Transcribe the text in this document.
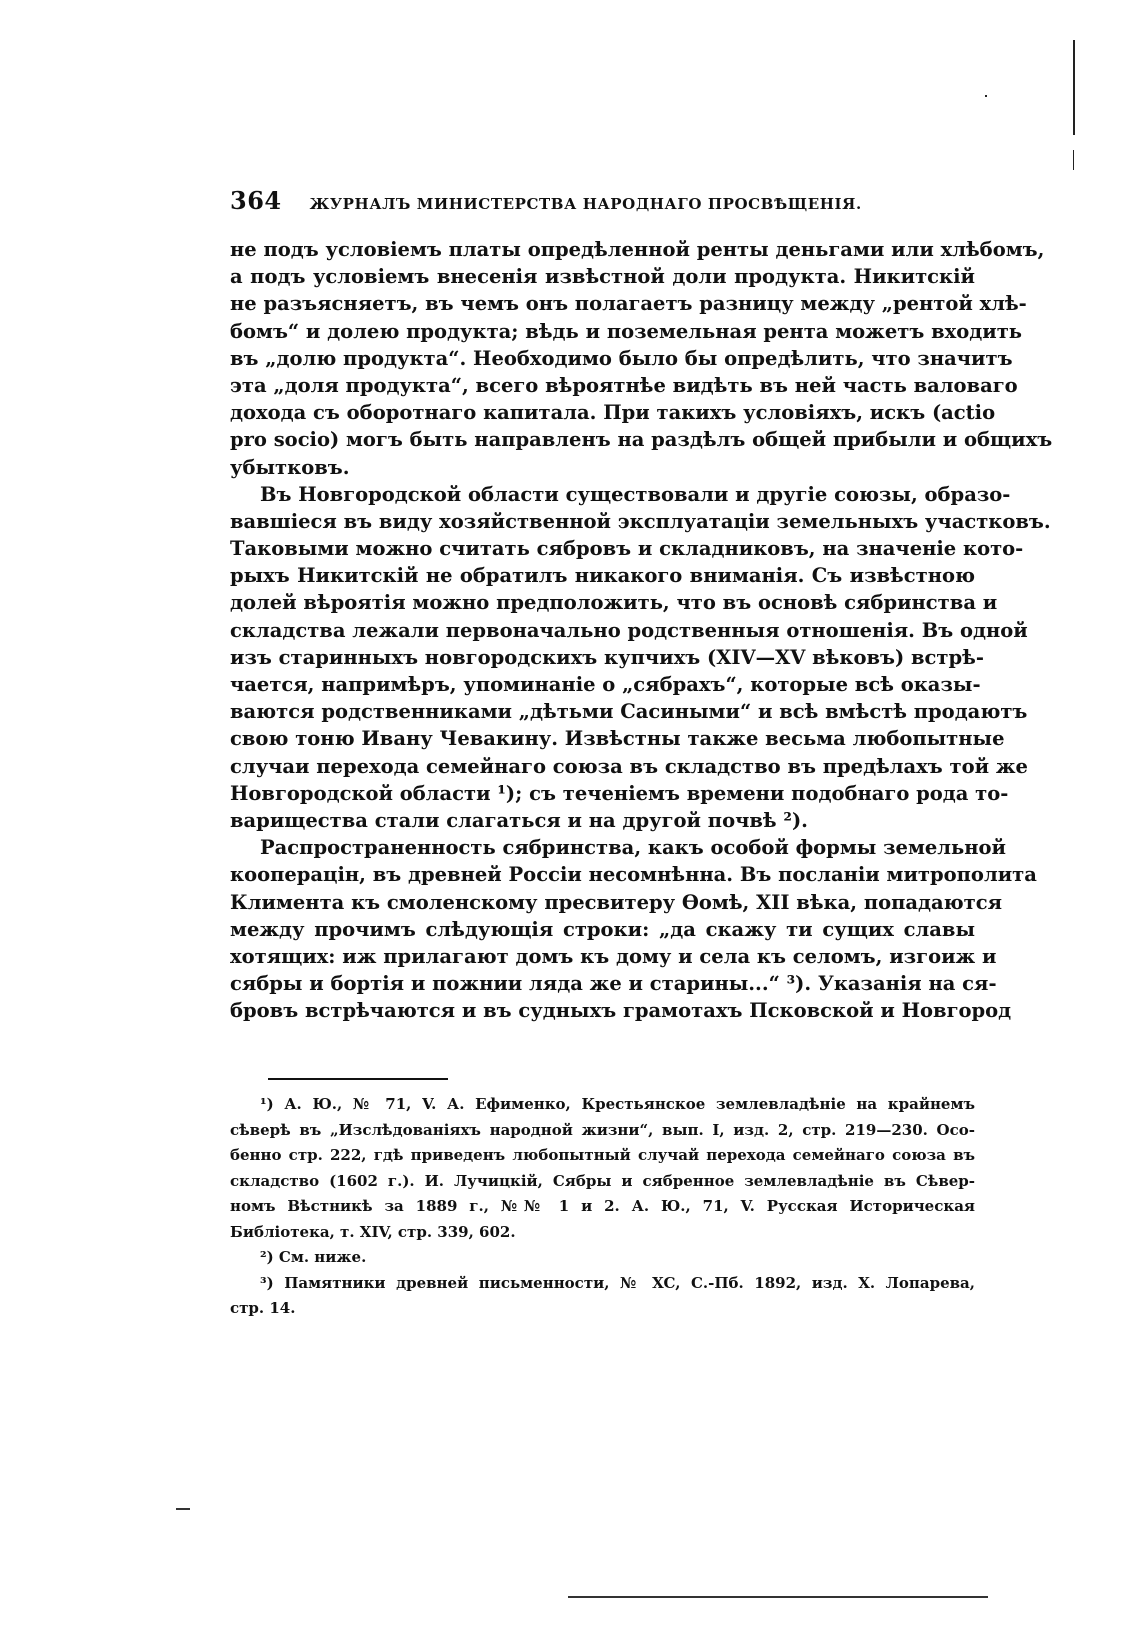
364 ЖУРНАЛЪ МИНИСТЕРСТВА НАРОДНАГО ПРОСВѢЩЕНІЯ.
не подъ условіемъ платы опредѣленной ренты деньгами или хлѣбомъ,
а подъ условіемъ внесенія извѣстной доли продукта. Никитскій
не разъясняетъ, въ чемъ онъ полагаетъ разницу между „рентой хлѣ-
бомъ“ и долею продукта; вѣдь и поземельная рента можетъ входить
въ „долю продукта“. Необходимо было бы опредѣлить, что значитъ
эта „доля продукта“, всего вѣроятнѣе видѣть въ ней часть валоваго
дохода съ оборотнаго капитала. При такихъ условіяхъ, искъ (actio
pro socio) могъ быть направленъ на раздѣлъ общей прибыли и общихъ
убытковъ.
Въ Новгородской области существовали и другіе союзы, образо-
вавшіеся въ виду хозяйственной эксплуатаціи земельныхъ участковъ.
Таковыми можно считать сябровъ и складниковъ, на значеніе кото-
рыхъ Никитскій не обратилъ никакого вниманія. Съ извѣстною
долей вѣроятія можно предположить, что въ основѣ сябринства и
складства лежали первоначально родственныя отношенія. Въ одной
изъ старинныхъ новгородскихъ купчихъ (XIV—XV вѣковъ) встрѣ-
чается, напримѣръ, упоминаніе о „сябрахъ“, которые всѣ оказы-
ваются родственниками „дѣтьми Сасиными“ и всѣ вмѣстѣ продаютъ
свою тоню Ивану Чевакину. Извѣстны также весьма любопытные
случаи перехода семейнаго союза въ складство въ предѣлахъ той же
Новгородской области ¹); съ теченіемъ времени подобнаго рода то-
варищества стали слагаться и на другой почвѣ ²).
Распространенность сябринства, какъ особой формы земельной
кооперацін, въ древней Россіи несомнѣнна. Въ посланіи митрополита
Климента къ смоленскому пресвитеру Ѳомѣ, XII вѣка, попадаются
между прочимъ слѣдующія строки: „да скажу ти сущих славы
хотящих: иж прилагают домъ къ дому и села къ селомъ, изгоиж и
сябры и бортія и пожнии ляда же и старины...“ ³). Указанія на ся-
бровъ встрѣчаются и въ судныхъ грамотахъ Псковской и Новгород
¹) А. Ю., № 71, V. А. Ефименко, Крестьянское землевладѣніе на крайнемъ
сѣверѣ въ „Изслѣдованіяхъ народной жизни“, вып. I, изд. 2, стр. 219—230. Осо-
бенно стр. 222, гдѣ приведенъ любопытный случай перехода семейнаго союза въ
складство (1602 г.). И. Лучицкій, Сябры и сябренное землевладѣніе въ Сѣвер-
номъ Вѣстникѣ за 1889 г., №№ 1 и 2. А. Ю., 71, V. Русская Историческая
Библіотека, т. XIV, стр. 339, 602.
²) См. ниже.
³) Памятники древней письменности, № XC, С.-Пб. 1892, изд. Х. Лопарева,
стр. 14.
